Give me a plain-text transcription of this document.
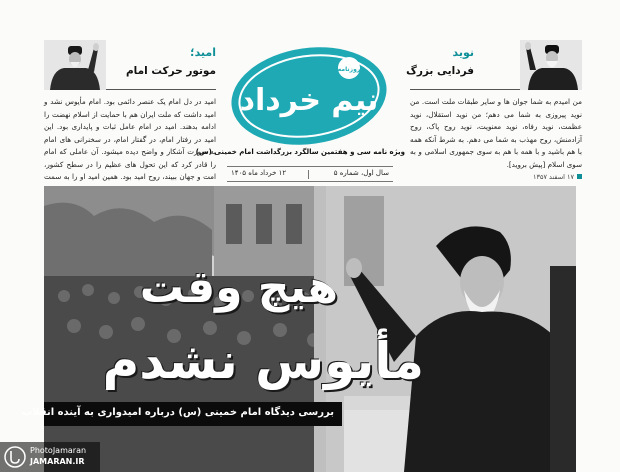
امید؛
موتور حرکت امام
امید در دل امام یک عنصر دائمی بود. امام مأیوس نشد و امید داشت که ملت ایران هم با حمایت از اسلام نهضت را ادامه بدهند. امید در امام عامل ثبات و پایداری بود. این امید در رفتار امام، در گفتار امام، در سخنرانی های امام به صورت آشکار و واضح دیده میشود. آن عاملی که امام را قادر کرد که این تحول های عظیم را در سطح کشور، امت و جهان ببیند، روح امید بود. همین امید او را به سمت
نیم خرداد
روزنامه
ویژه نامه سی و هفتمین سالگرد بزرگداشت امام خمینی (س)
سال اول، شماره ۵
۱۲ خرداد ماه ۱۴۰۵
نوید
فردایی بزرگ
من امیدم به شما جوان ها و سایر طبقات ملت است. من نوید پیروزی به شما می دهم؛ من نوید استقلال، نوید عظمت، نوید رفاه، نوید معنویت، نوید روح پاک، روح آزادمنش، روح مهذب به شما می دهم. به شرط آنکه همه با هم باشید و با همه با هم به سوی جمهوری اسلامی و به سوی اسلام [پیش بروید].
۱۷ اسفند ۱۳۵۷
هیچ وقت
مأیوس نشدم
بررسی دیدگاه امام خمینی (س) درباره امیدواری به آینده انقلاب
PhotoJamaran
JAMARAN.IR
